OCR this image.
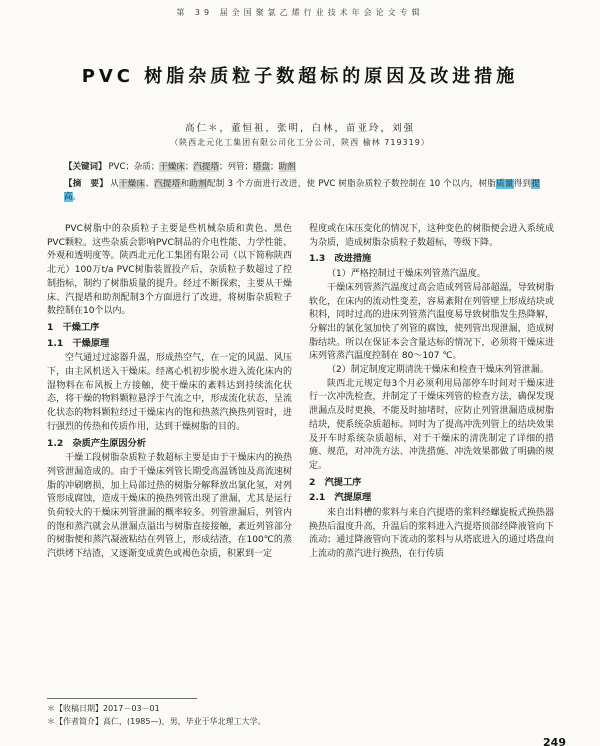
第 39 届全国聚氯乙烯行业技术年会论文专辑
PVC 树脂杂质粒子数超标的原因及改进措施
高仁＊，董恒祖，张明，白林，苗亚玲，刘强
（陕西北元化工集团有限公司化工分公司，陕西 榆林 719319）
【关键词】 PVC；杂质；干燥床；汽提塔；列管；塔盘；助剂
【摘　要】 从干燥床、汽提塔和助剂配制 3 个方面进行改进，使 PVC 树脂杂质粒子数控制在 10 个以内，树脂质量得到提高。

PVC树脂中的杂质粒子主要是些机械杂质和黄色、黑色PVC颗粒。这些杂质会影响PVC制品的介电性能、力学性能、外观和透明度等。陕西北元化工集团有限公司（以下简称陕西北元）100万t/a PVC树脂装置投产后，杂质粒子数超过了控制指标，制约了树脂质量的提升。经过不断探索，主要从干燥床、汽提塔和助剂配制3个方面进行了改进，将树脂杂质粒子数控制在10个以内。

1　干燥工序
1.1　干燥原理

空气通过过滤器升温，形成热空气，在一定的风温、风压下，由主风机送入干燥床。经离心机初步脱水进入流化床内的湿物料在布风板上方接触，使干燥床的紊料达到持续流化状态，将干燥的物料颗粒悬浮于气流之中，形成流化状态，呈流化状态的物料颗粒经过干燥床内的饱和热蒸汽换热列管时，进行强烈的传热和传质作用，达到干燥树脂的目的。

1.2　杂质产生原因分析

干燥工段树脂杂质粒子数超标主要是由于干燥床内的换热列管泄漏造成的。由于干燥床列管长期受高温锈蚀及高流速树脂的冲刷磨损，加上局部过热的树脂分解释放出氯化氢，对列管形成腐蚀，造成干燥床的换热列管出现了泄漏，尤其是运行负荷较大的干燥床列管泄漏的概率较多。列管泄漏后，列管内的饱和蒸汽就会从泄漏点溢出与树脂直接接触，紊近列管部分的树脂便和蒸汽凝液粘结在列管上，形成结渣，在100℃的蒸汽烘烤下结渣，又逐渐变成黄色或褐色杂质，积累到一定

程度或在床压变化的情况下，这种变色的树脂便会进入系统成为杂质，造成树脂杂质粒子数超标，等级下降。

1.3　改进措施

（1）严格控制过干燥床列管蒸汽温度。

干燥床列管蒸汽温度过高会造成列管局部超温，导致树脂软化，在床内的流动性变差，容易紊附在列管壁上形成结块或积料，同时过高的进床列管蒸汽温度易导致树脂发生热降解，分解出的氯化氢加快了列管的腐蚀，使列管出现泄漏，造成树脂结块。所以在保证本会含量达标的情况下，必须将干燥床进床列管蒸汽温度控制在 80～107 ℃。

（2）制定制度定期清洗干燥床和检查干燥床列管泄漏。

陕西北元规定每3个月必须利用局部停车时间对干燥床进行一次冲洗检查，并制定了干燥床列管的检查方法，确保发现泄漏点及时更换，不能及时抽堵时，应防止列管泄漏造成树脂结块，使系统杂质超标。同时为了提高冲洗列管上的结块效果及开车时系统杂质超标，对于干燥床的清洗制定了详细的措施、规范，对冲洗方法、冲洗措施、冲洗效果都做了明确的规定。

2　汽提工序
2.1　汽提原理

来自出料槽的浆料与来自汽提塔的浆料经螺旋板式换热器换热后温度升高，升温后的浆料进入汽提塔顶部经降液管向下流动；通过降液管向下流动的浆料与从塔底进入的通过塔盘向上流动的蒸汽进行换热，在行传质

＊【收稿日期】2017－03－01
＊【作者简介】高仁，(1985—)，男，毕业于华北理工大学。
249
